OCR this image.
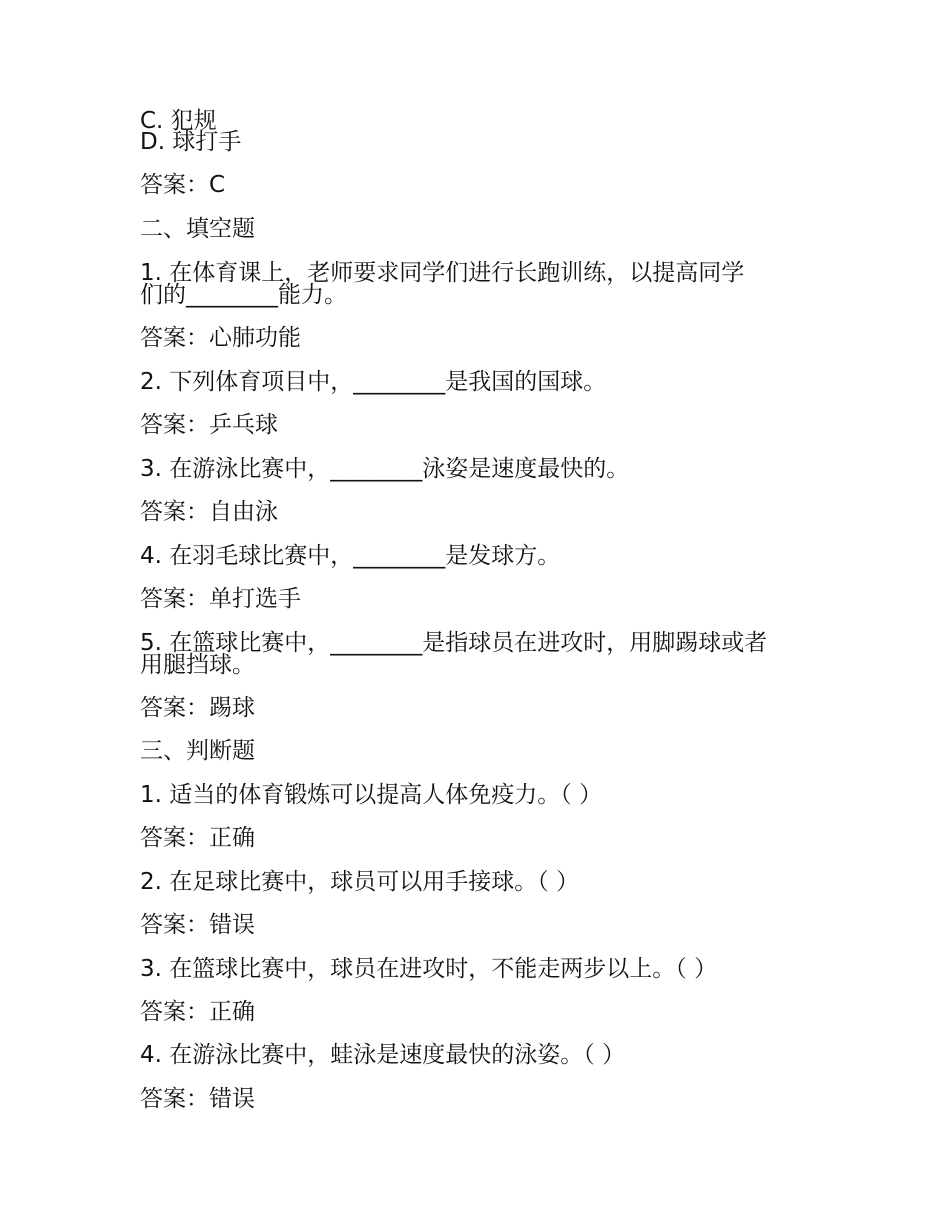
C. 犯规
D. 球打手
答案：C
二、填空题
1. 在体育课上，老师要求同学们进行长跑训练，以提高同学
们的________能力。
答案：心肺功能
2. 下列体育项目中，________是我国的国球。
答案：乒乓球
3. 在游泳比赛中，________泳姿是速度最快的。
答案：自由泳
4. 在羽毛球比赛中，________是发球方。
答案：单打选手
5. 在篮球比赛中，________是指球员在进攻时，用脚踢球或者
用腿挡球。
答案：踢球
三、判断题
1. 适当的体育锻炼可以提高人体免疫力。（ ）
答案：正确
2. 在足球比赛中，球员可以用手接球。（ ）
答案：错误
3. 在篮球比赛中，球员在进攻时，不能走两步以上。（ ）
答案：正确
4. 在游泳比赛中，蛙泳是速度最快的泳姿。（ ）
答案：错误
